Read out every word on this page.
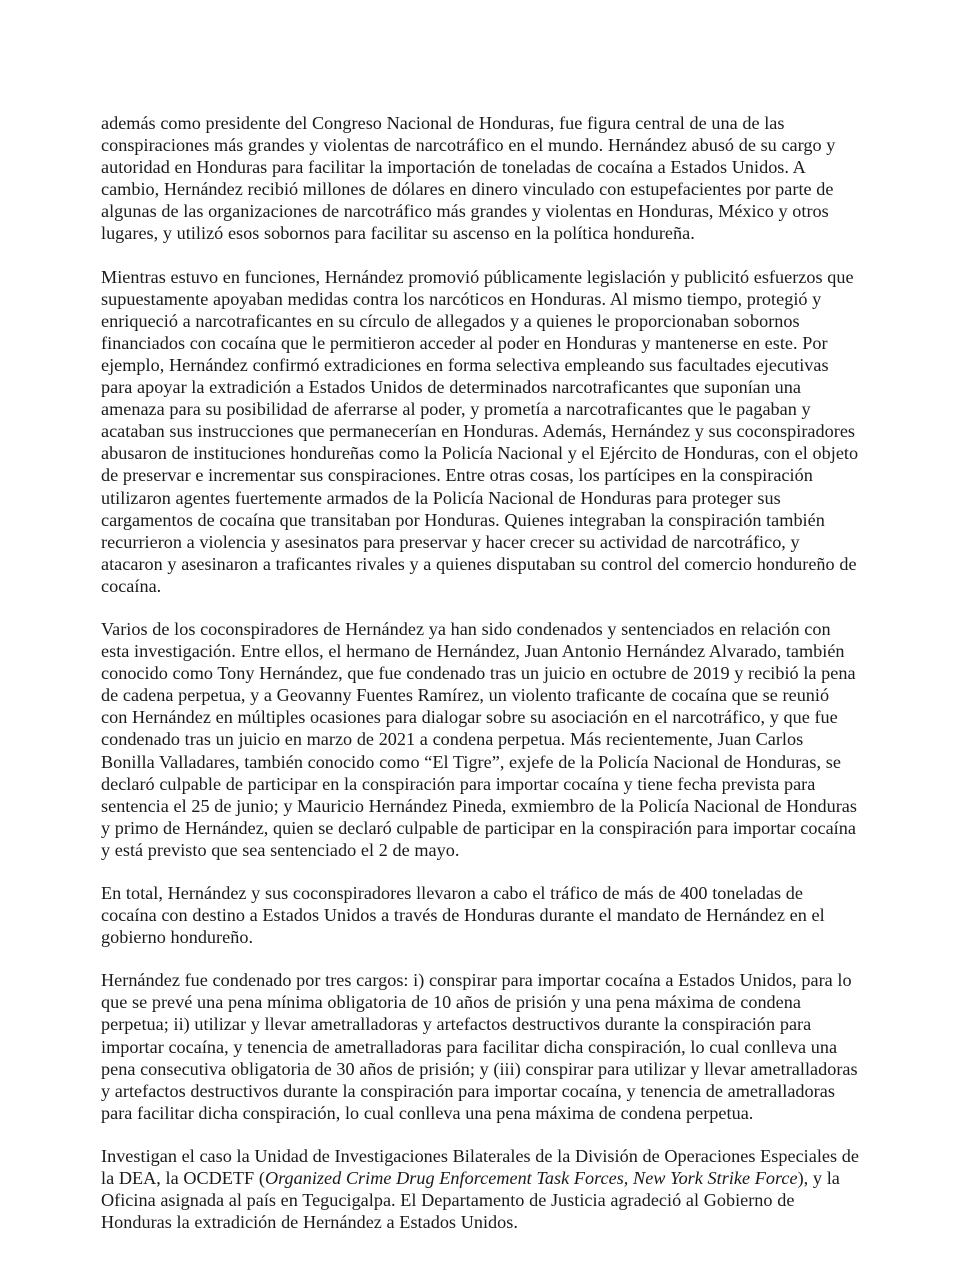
además como presidente del Congreso Nacional de Honduras, fue figura central de una de las conspiraciones más grandes y violentas de narcotráfico en el mundo. Hernández abusó de su cargo y autoridad en Honduras para facilitar la importación de toneladas de cocaína a Estados Unidos. A cambio, Hernández recibió millones de dólares en dinero vinculado con estupefacientes por parte de algunas de las organizaciones de narcotráfico más grandes y violentas en Honduras, México y otros lugares, y utilizó esos sobornos para facilitar su ascenso en la política hondureña.

Mientras estuvo en funciones, Hernández promovió públicamente legislación y publicitó esfuerzos que supuestamente apoyaban medidas contra los narcóticos en Honduras. Al mismo tiempo, protegió y enriqueció a narcotraficantes en su círculo de allegados y a quienes le proporcionaban sobornos financiados con cocaína que le permitieron acceder al poder en Honduras y mantenerse en este. Por ejemplo, Hernández confirmó extradiciones en forma selectiva empleando sus facultades ejecutivas para apoyar la extradición a Estados Unidos de determinados narcotraficantes que suponían una amenaza para su posibilidad de aferrarse al poder, y prometía a narcotraficantes que le pagaban y acataban sus instrucciones que permanecerían en Honduras. Además, Hernández y sus coconspiradores abusaron de instituciones hondureñas como la Policía Nacional y el Ejército de Honduras, con el objeto de preservar e incrementar sus conspiraciones. Entre otras cosas, los partícipes en la conspiración utilizaron agentes fuertemente armados de la Policía Nacional de Honduras para proteger sus cargamentos de cocaína que transitaban por Honduras. Quienes integraban la conspiración también recurrieron a violencia y asesinatos para preservar y hacer crecer su actividad de narcotráfico, y atacaron y asesinaron a traficantes rivales y a quienes disputaban su control del comercio hondureño de cocaína.

Varios de los coconspiradores de Hernández ya han sido condenados y sentenciados en relación con esta investigación. Entre ellos, el hermano de Hernández, Juan Antonio Hernández Alvarado, también conocido como Tony Hernández, que fue condenado tras un juicio en octubre de 2019 y recibió la pena de cadena perpetua, y a Geovanny Fuentes Ramírez, un violento traficante de cocaína que se reunió con Hernández en múltiples ocasiones para dialogar sobre su asociación en el narcotráfico, y que fue condenado tras un juicio en marzo de 2021 a condena perpetua. Más recientemente, Juan Carlos Bonilla Valladares, también conocido como “El Tigre”, exjefe de la Policía Nacional de Honduras, se declaró culpable de participar en la conspiración para importar cocaína y tiene fecha prevista para sentencia el 25 de junio; y Mauricio Hernández Pineda, exmiembro de la Policía Nacional de Honduras y primo de Hernández, quien se declaró culpable de participar en la conspiración para importar cocaína y está previsto que sea sentenciado el 2 de mayo.

En total, Hernández y sus coconspiradores llevaron a cabo el tráfico de más de 400 toneladas de cocaína con destino a Estados Unidos a través de Honduras durante el mandato de Hernández en el gobierno hondureño.

Hernández fue condenado por tres cargos: i) conspirar para importar cocaína a Estados Unidos, para lo que se prevé una pena mínima obligatoria de 10 años de prisión y una pena máxima de condena perpetua; ii) utilizar y llevar ametralladoras y artefactos destructivos durante la conspiración para importar cocaína, y tenencia de ametralladoras para facilitar dicha conspiración, lo cual conlleva una pena consecutiva obligatoria de 30 años de prisión; y (iii) conspirar para utilizar y llevar ametralladoras y artefactos destructivos durante la conspiración para importar cocaína, y tenencia de ametralladoras para facilitar dicha conspiración, lo cual conlleva una pena máxima de condena perpetua.

Investigan el caso la Unidad de Investigaciones Bilaterales de la División de Operaciones Especiales de la DEA, la OCDETF (Organized Crime Drug Enforcement Task Forces, New York Strike Force), y la Oficina asignada al país en Tegucigalpa. El Departamento de Justicia agradeció al Gobierno de Honduras la extradición de Hernández a Estados Unidos.
